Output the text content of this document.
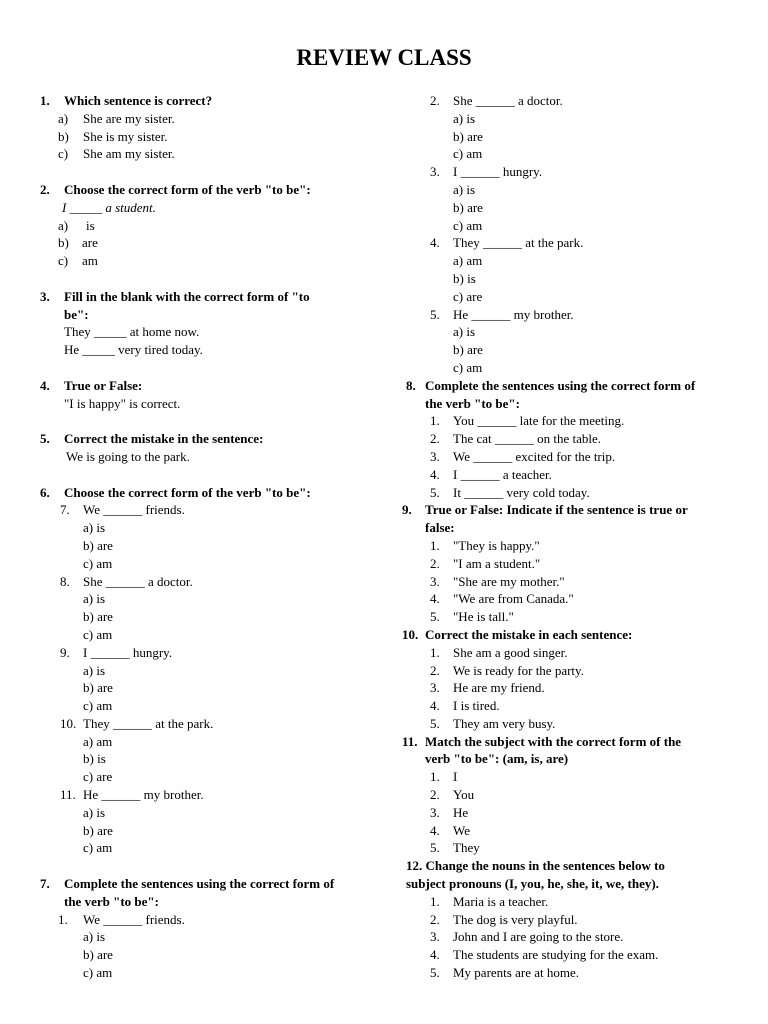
REVIEW CLASS
1. Which sentence is correct?
a) She are my sister.
b) She is my sister.
c) She am my sister.
2. Choose the correct form of the verb "to be":
I _____ a student.
a) is
b) are
c) am
3. Fill in the blank with the correct form of "to
be":
They _____ at home now.
He _____ very tired today.
4. True or False:
"I is happy" is correct.
5. Correct the mistake in the sentence:
We is going to the park.
6. Choose the correct form of the verb "to be":
7. We ______ friends.
a) is
b) are
c) am
8. She ______ a doctor.
a) is
b) are
c) am
9. I ______ hungry.
a) is
b) are
c) am
10. They ______ at the park.
a) am
b) is
c) are
11. He ______ my brother.
a) is
b) are
c) am
7. Complete the sentences using the correct form of
the verb "to be":
1. We ______ friends.
a) is
b) are
c) am
2. She ______ a doctor.
a) is
b) are
c) am
3. I ______ hungry.
a) is
b) are
c) am
4. They ______ at the park.
a) am
b) is
c) are
5. He ______ my brother.
a) is
b) are
c) am
8. Complete the sentences using the correct form of
the verb "to be":
1. You ______ late for the meeting.
2. The cat ______ on the table.
3. We ______ excited for the trip.
4. I ______ a teacher.
5. It ______ very cold today.
9. True or False: Indicate if the sentence is true or
false:
1. "They is happy."
2. "I am a student."
3. "She are my mother."
4. "We are from Canada."
5. "He is tall."
10. Correct the mistake in each sentence:
1. She am a good singer.
2. We is ready for the party.
3. He are my friend.
4. I is tired.
5. They am very busy.
11. Match the subject with the correct form of the
verb "to be": (am, is, are)
1. I
2. You
3. He
4. We
5. They
12. Change the nouns in the sentences below to
subject pronouns (I, you, he, she, it, we, they).
1. Maria is a teacher.
2. The dog is very playful.
3. John and I are going to the store.
4. The students are studying for the exam.
5. My parents are at home.
